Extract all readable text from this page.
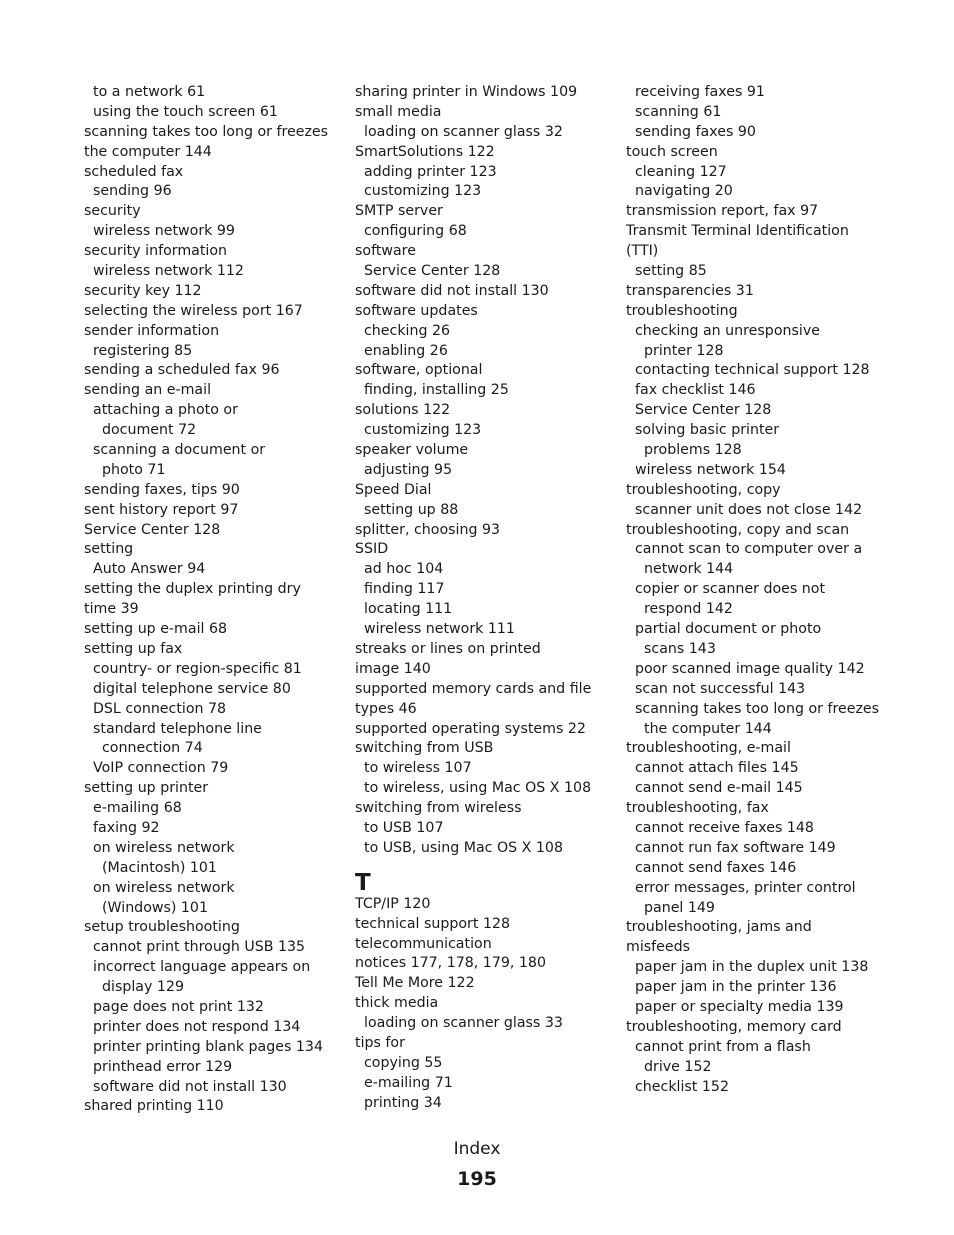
to a network 61
using the touch screen 61
scanning takes too long or freezes
the computer 144
scheduled fax
sending 96
security
wireless network 99
security information
wireless network 112
security key 112
selecting the wireless port 167
sender information
registering 85
sending a scheduled fax 96
sending an e-mail
attaching a photo or
document 72
scanning a document or
photo 71
sending faxes, tips 90
sent history report 97
Service Center 128
setting
Auto Answer 94
setting the duplex printing dry
time 39
setting up e-mail 68
setting up fax
country- or region-specific 81
digital telephone service 80
DSL connection 78
standard telephone line
connection 74
VoIP connection 79
setting up printer
e-mailing 68
faxing 92
on wireless network
(Macintosh) 101
on wireless network
(Windows) 101
setup troubleshooting
cannot print through USB 135
incorrect language appears on
display 129
page does not print 132
printer does not respond 134
printer printing blank pages 134
printhead error 129
software did not install 130
shared printing 110
sharing printer in Windows 109
small media
loading on scanner glass 32
SmartSolutions 122
adding printer 123
customizing 123
SMTP server
configuring 68
software
Service Center 128
software did not install 130
software updates
checking 26
enabling 26
software, optional
finding, installing 25
solutions 122
customizing 123
speaker volume
adjusting 95
Speed Dial
setting up 88
splitter, choosing 93
SSID
ad hoc 104
finding 117
locating 111
wireless network 111
streaks or lines on printed
image 140
supported memory cards and file
types 46
supported operating systems 22
switching from USB
to wireless 107
to wireless, using Mac OS X 108
switching from wireless
to USB 107
to USB, using Mac OS X 108
T
TCP/IP 120
technical support 128
telecommunication
notices 177, 178, 179, 180
Tell Me More 122
thick media
loading on scanner glass 33
tips for
copying 55
e-mailing 71
printing 34
receiving faxes 91
scanning 61
sending faxes 90
touch screen
cleaning 127
navigating 20
transmission report, fax 97
Transmit Terminal Identification
(TTI)
setting 85
transparencies 31
troubleshooting
checking an unresponsive
printer 128
contacting technical support 128
fax checklist 146
Service Center 128
solving basic printer
problems 128
wireless network 154
troubleshooting, copy
scanner unit does not close 142
troubleshooting, copy and scan
cannot scan to computer over a
network 144
copier or scanner does not
respond 142
partial document or photo
scans 143
poor scanned image quality 142
scan not successful 143
scanning takes too long or freezes
the computer 144
troubleshooting, e-mail
cannot attach files 145
cannot send e-mail 145
troubleshooting, fax
cannot receive faxes 148
cannot run fax software 149
cannot send faxes 146
error messages, printer control
panel 149
troubleshooting, jams and
misfeeds
paper jam in the duplex unit 138
paper jam in the printer 136
paper or specialty media 139
troubleshooting, memory card
cannot print from a flash
drive 152
checklist 152
Index
195
